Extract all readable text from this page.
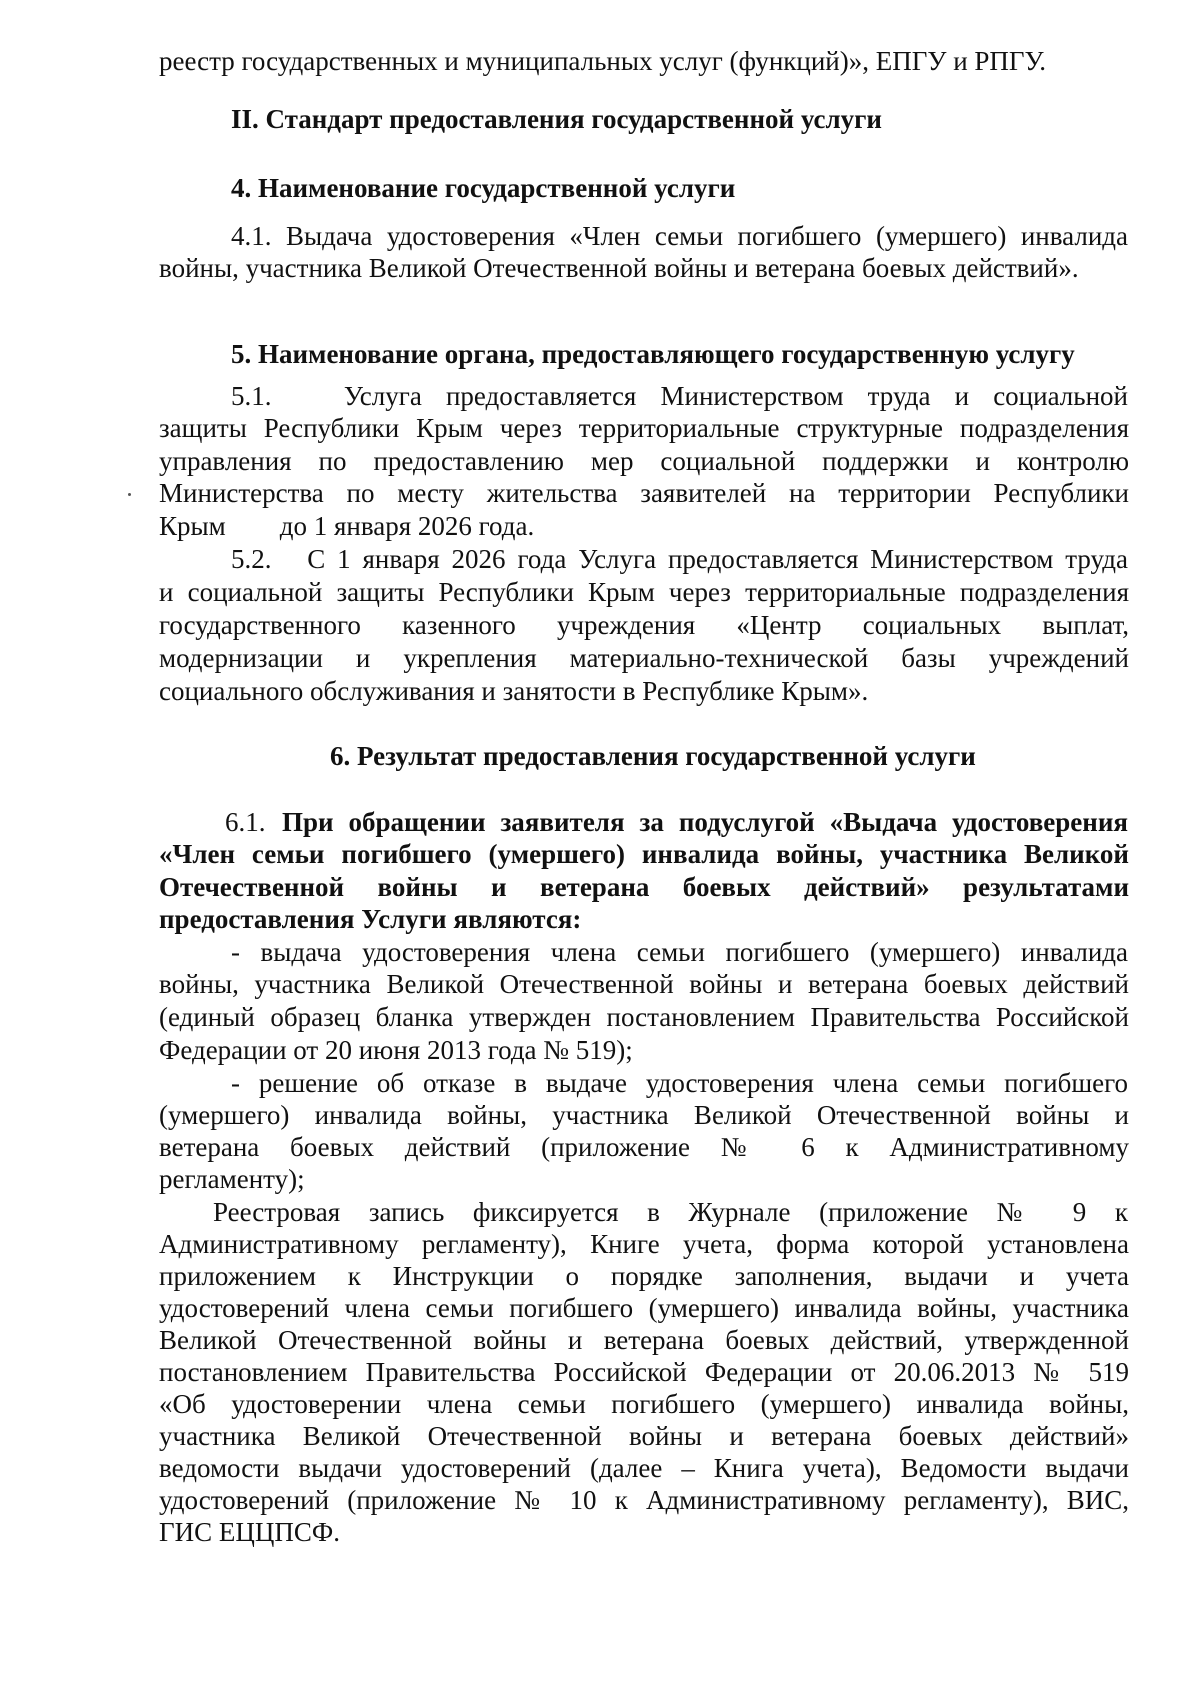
реестр государственных и муниципальных услуг (функций)», ЕПГУ и РПГУ.
II. Стандарт предоставления государственной услуги
4. Наименование государственной услуги
4.1. Выдача удостоверения «Член семьи погибшего (умершего) инвалида
войны, участника Великой Отечественной войны и ветерана боевых действий».
5. Наименование органа, предоставляющего государственную услугу
5.1.   Услуга предоставляется Министерством труда и социальной
защиты Республики Крым через территориальные структурные подразделения
управления по предоставлению мер социальной поддержки и контролю
Министерства по месту жительства заявителей на территории Республики
Крым        до 1 января 2026 года.
5.2.   С 1 января 2026 года Услуга предоставляется Министерством труда
и социальной защиты Республики Крым через территориальные подразделения
государственного казенного учреждения «Центр социальных выплат,
модернизации и укрепления материально-технической базы учреждений
социального обслуживания и занятости в Республике Крым».
6. Результат предоставления государственной услуги
6.1. При обращении заявителя за подуслугой «Выдача удостоверения
«Член семьи погибшего (умершего) инвалида войны, участника Великой
Отечественной войны и ветерана боевых действий» результатами
предоставления Услуги являются:
- выдача удостоверения члена семьи погибшего (умершего) инвалида
войны, участника Великой Отечественной войны и ветерана боевых действий
(единый образец бланка утвержден постановлением Правительства Российской
Федерации от 20 июня 2013 года № 519);
- решение об отказе в выдаче удостоверения члена семьи погибшего
(умершего) инвалида войны, участника Великой Отечественной войны и
ветерана боевых действий (приложение № 6 к Административному
регламенту);
Реестровая запись фиксируется в Журнале (приложение № 9 к
Административному регламенту), Книге учета, форма которой установлена
приложением к Инструкции о порядке заполнения, выдачи и учета
удостоверений члена семьи погибшего (умершего) инвалида войны, участника
Великой Отечественной войны и ветерана боевых действий, утвержденной
постановлением Правительства Российской Федерации от 20.06.2013 № 519
«Об удостоверении члена семьи погибшего (умершего) инвалида войны,
участника Великой Отечественной войны и ветерана боевых действий»
ведомости выдачи удостоверений (далее – Книга учета), Ведомости выдачи
удостоверений (приложение № 10 к Административному регламенту), ВИС,
ГИС ЕЦЦПСФ.
